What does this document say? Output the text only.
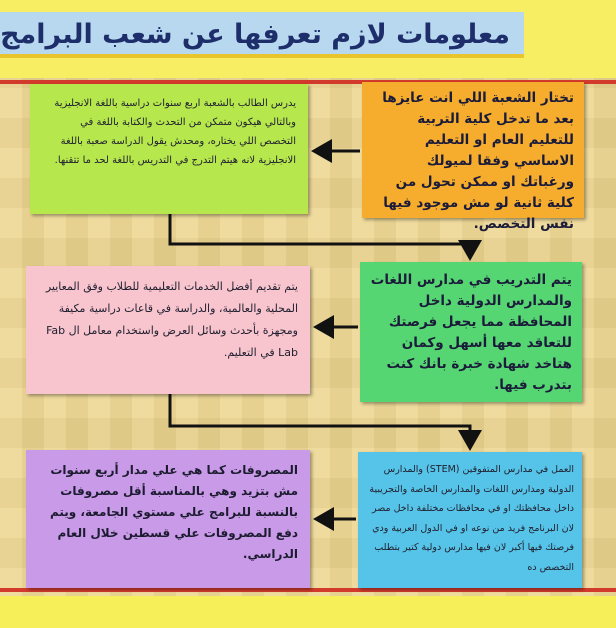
معلومات لازم تعرفها عن شعب البرامج
تختار الشعبة اللي انت عايزها بعد ما تدخل كلية التربية للتعليم العام او التعليم الاساسي وفقا لميولك ورغباتك او ممكن تحول من كلية ثانية لو مش موجود فيها نفس التخصص.
يدرس الطالب بالشعبة اربع سنوات دراسية باللغة الانجليزية وبالتالي هيكون متمكن من التحدث والكتابة باللغة في التخصص اللي يختاره، ومحدش يقول الدراسة صعبة باللغة الانجليزية لانه هيتم التدرج في التدريس باللغة لحد ما تتقنها.
يتم التدريب في مدارس اللغات والمدارس الدولية داخل المحافظة مما يجعل فرصتك للتعاقد معها أسهل وكمان هتاخد شهادة خبرة بانك كنت بتدرب فيها.
يتم تقديم أفضل الخدمات التعليمية للطلاب وفق المعايير المحلية والعالمية، والدراسة في قاعات دراسية مكيفة ومجهزة بأحدث وسائل العرض واستخدام معامل ال Fab Lab في التعليم.
العمل في مدارس المتفوقين (STEM) والمدارس الدولية ومدارس اللغات والمدارس الخاصة والتجريبية داخل محافظتك او في محافظات مختلفة داخل مصر لان البرنامج فريد من نوعه او في الدول العربية ودي فرصتك فيها أكبر لان فيها مدارس دولية كتير بتطلب التخصص ده
المصروفات كما هي علي مدار أربع سنوات مش بتزيد وهي بالمناسبة أقل مصروفات بالنسبة للبرامج علي مستوي الجامعة، ويتم دفع المصروفات علي قسطين خلال العام الدراسي.
